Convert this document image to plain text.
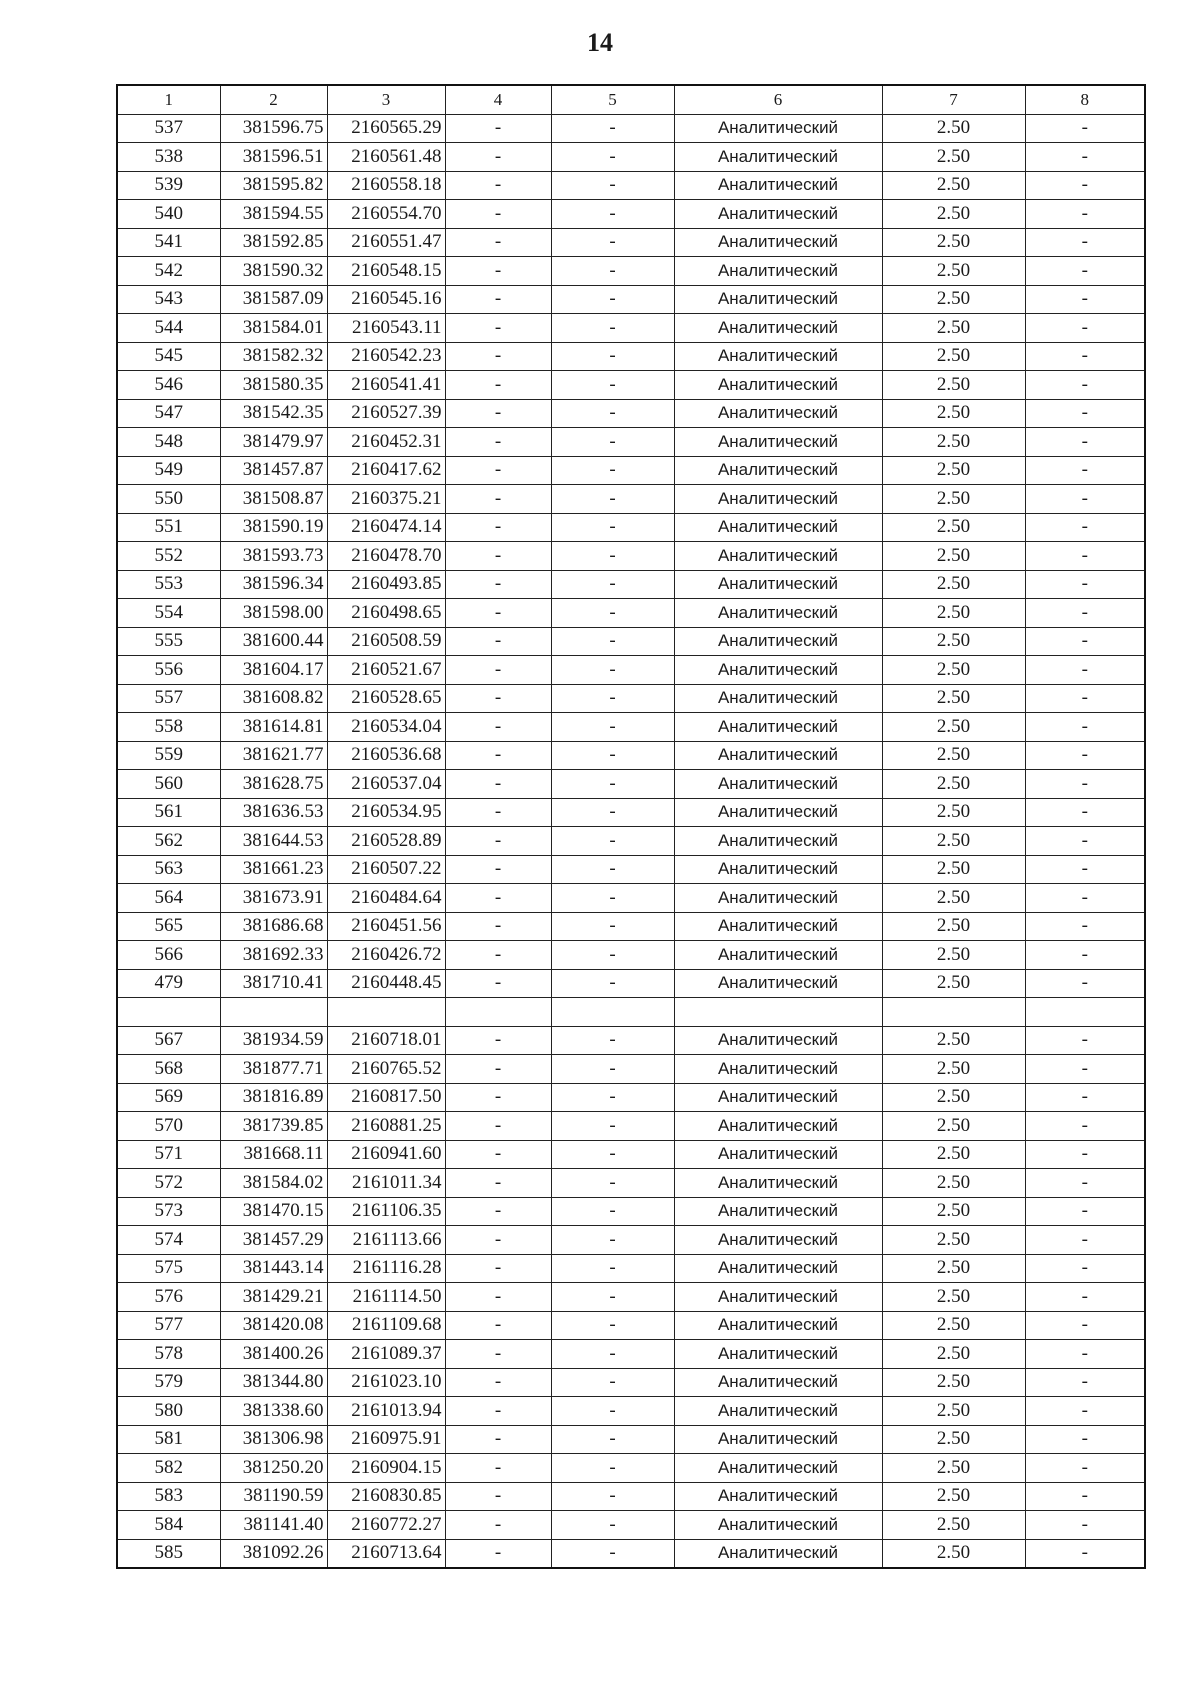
14
1	2	3	4	5	6	7	8
537	381596.75	2160565.29	-	-	Аналитический	2.50	-
538	381596.51	2160561.48	-	-	Аналитический	2.50	-
539	381595.82	2160558.18	-	-	Аналитический	2.50	-
540	381594.55	2160554.70	-	-	Аналитический	2.50	-
541	381592.85	2160551.47	-	-	Аналитический	2.50	-
542	381590.32	2160548.15	-	-	Аналитический	2.50	-
543	381587.09	2160545.16	-	-	Аналитический	2.50	-
544	381584.01	2160543.11	-	-	Аналитический	2.50	-
545	381582.32	2160542.23	-	-	Аналитический	2.50	-
546	381580.35	2160541.41	-	-	Аналитический	2.50	-
547	381542.35	2160527.39	-	-	Аналитический	2.50	-
548	381479.97	2160452.31	-	-	Аналитический	2.50	-
549	381457.87	2160417.62	-	-	Аналитический	2.50	-
550	381508.87	2160375.21	-	-	Аналитический	2.50	-
551	381590.19	2160474.14	-	-	Аналитический	2.50	-
552	381593.73	2160478.70	-	-	Аналитический	2.50	-
553	381596.34	2160493.85	-	-	Аналитический	2.50	-
554	381598.00	2160498.65	-	-	Аналитический	2.50	-
555	381600.44	2160508.59	-	-	Аналитический	2.50	-
556	381604.17	2160521.67	-	-	Аналитический	2.50	-
557	381608.82	2160528.65	-	-	Аналитический	2.50	-
558	381614.81	2160534.04	-	-	Аналитический	2.50	-
559	381621.77	2160536.68	-	-	Аналитический	2.50	-
560	381628.75	2160537.04	-	-	Аналитический	2.50	-
561	381636.53	2160534.95	-	-	Аналитический	2.50	-
562	381644.53	2160528.89	-	-	Аналитический	2.50	-
563	381661.23	2160507.22	-	-	Аналитический	2.50	-
564	381673.91	2160484.64	-	-	Аналитический	2.50	-
565	381686.68	2160451.56	-	-	Аналитический	2.50	-
566	381692.33	2160426.72	-	-	Аналитический	2.50	-
479	381710.41	2160448.45	-	-	Аналитический	2.50	-

567	381934.59	2160718.01	-	-	Аналитический	2.50	-
568	381877.71	2160765.52	-	-	Аналитический	2.50	-
569	381816.89	2160817.50	-	-	Аналитический	2.50	-
570	381739.85	2160881.25	-	-	Аналитический	2.50	-
571	381668.11	2160941.60	-	-	Аналитический	2.50	-
572	381584.02	2161011.34	-	-	Аналитический	2.50	-
573	381470.15	2161106.35	-	-	Аналитический	2.50	-
574	381457.29	2161113.66	-	-	Аналитический	2.50	-
575	381443.14	2161116.28	-	-	Аналитический	2.50	-
576	381429.21	2161114.50	-	-	Аналитический	2.50	-
577	381420.08	2161109.68	-	-	Аналитический	2.50	-
578	381400.26	2161089.37	-	-	Аналитический	2.50	-
579	381344.80	2161023.10	-	-	Аналитический	2.50	-
580	381338.60	2161013.94	-	-	Аналитический	2.50	-
581	381306.98	2160975.91	-	-	Аналитический	2.50	-
582	381250.20	2160904.15	-	-	Аналитический	2.50	-
583	381190.59	2160830.85	-	-	Аналитический	2.50	-
584	381141.40	2160772.27	-	-	Аналитический	2.50	-
585	381092.26	2160713.64	-	-	Аналитический	2.50	-
